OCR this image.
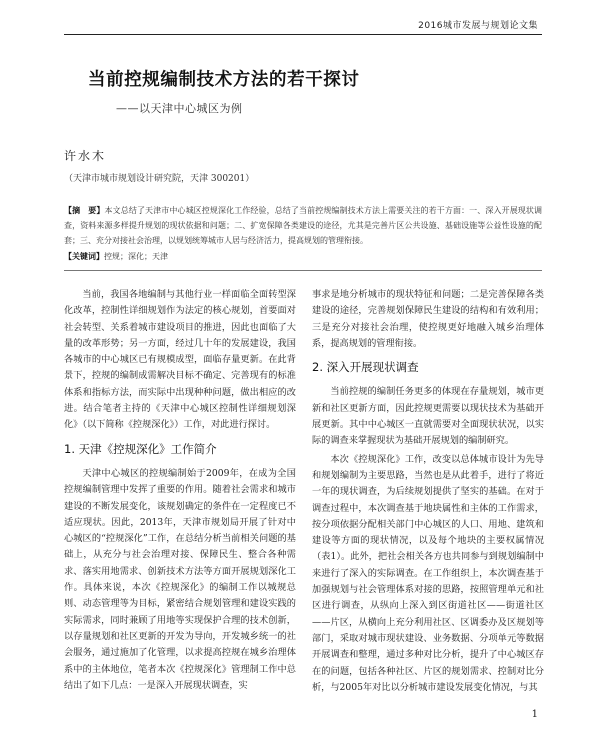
2016城市发展与规划论文集
当前控规编制技术方法的若干探讨
——以天津中心城区为例
许水木
（天津市城市规划设计研究院，天津 300201）
【摘　要】本文总结了天津市中心城区控规深化工作经验，总结了当前控规编制技术方法上需要关注的若干方面：一、深入开展现状调查，资料来源多样提升规划的现状依据和问题；二、扩宽保障各类建设的途径，尤其是完善片区公共设施、基础设施等公益性设施的配套；三、充分对接社会治理，以规划统筹城市人居与经济活力，提高规划的管理衔接。
【关键词】控规；深化；天津

当前，我国各地编制与其他行业一样面临全面转型深化改革，控制性详细规划作为法定的核心规划，首要面对社会转型、关系着城市建设项目的推进，因此也面临了大量的改革形势；另一方面，经过几十年的发展建设，我国各城市的中心城区已有规模成型，面临存量更新。在此背景下，控规的编制成需解决目标不确定、完善现有的标准体系和指标方法，而实际中出现种种问题，做出相应的改进。结合笔者主持的《天津中心城区控制性详细规划深化》（以下简称《控规深化》）工作，对此进行探讨。

1. 天津《控规深化》工作简介

天津中心城区的控规编制始于2009年，在成为全国控规编制管理中发挥了重要的作用。随着社会需求和城市建设的不断发展变化，该规划确定的条件在一定程度已不适应现状。因此，2013年，天津市规划局开展了针对中心城区的“控规深化”工作，在总结分析当前相关问题的基础上，从充分与社会治理对接、保障民生、整合各种需求、落实用地需求、创新技术方法等方面开展规划深化工作。具体来说，本次《控规深化》的编制工作以城规总则、动态管理等为目标，紧密结合规划管理和建设实践的实际需求，同时兼顾了用地等实现保护合理的技术创新，以存量规划和社区更新的开发为导向，开发城乡统一的社会服务，通过施加了化管理，以求提高控规在城乡治理体系中的主体地位，笔者本次《控规深化》管理制工作中总结出了如下几点：一是深入开展现状调查，实

事求是地分析城市的现状特征和问题；二是完善保障各类建设的途径，完善规划保障民生建设的结构和有效利用；三是充分对接社会治理，使控规更好地融入城乡治理体系，提高规划的管理衔接。

2. 深入开展现状调查

当前控规的编制任务更多的体现在存量规划，城市更新和社区更新方面，因此控规更需要以现状技术为基础开展更新。其中中心城区一直就需要对全面现状状况，以实际的调查来掌握现状为基础开展规划的编制研究。

本次《控规深化》工作，改变以总体城市设计为先导和规划编制为主要思路，当然也是从此着手，进行了将近一年的现状调查，为后续规划提供了坚实的基础。在对于调查过程中，本次调查基于地块属性和主体的工作需求，按分项依据分配相关部门中心城区的人口、用地、建筑和建设等方面的现状情况，以及每个地块的主要权属情况（表1）。此外，把社会相关各方也共同参与到规划编制中来进行了深入的实际调查。在工作组织上，本次调查基于加强规划与社会管理体系对接的思路，按照管理单元和社区进行调查，从纵向上深入到区街道社区——街道社区——片区，从横向上充分利用社区、区调委办及区规划等部门，采取对城市现状建设、业务数据、分项单元等数据开展调查和整理，通过多种对比分析，提升了中心城区存在的问题，包括各种社区、片区的规划需求、控制对比分析，与2005年对比以分析城市建设发展变化情况，与其

1
